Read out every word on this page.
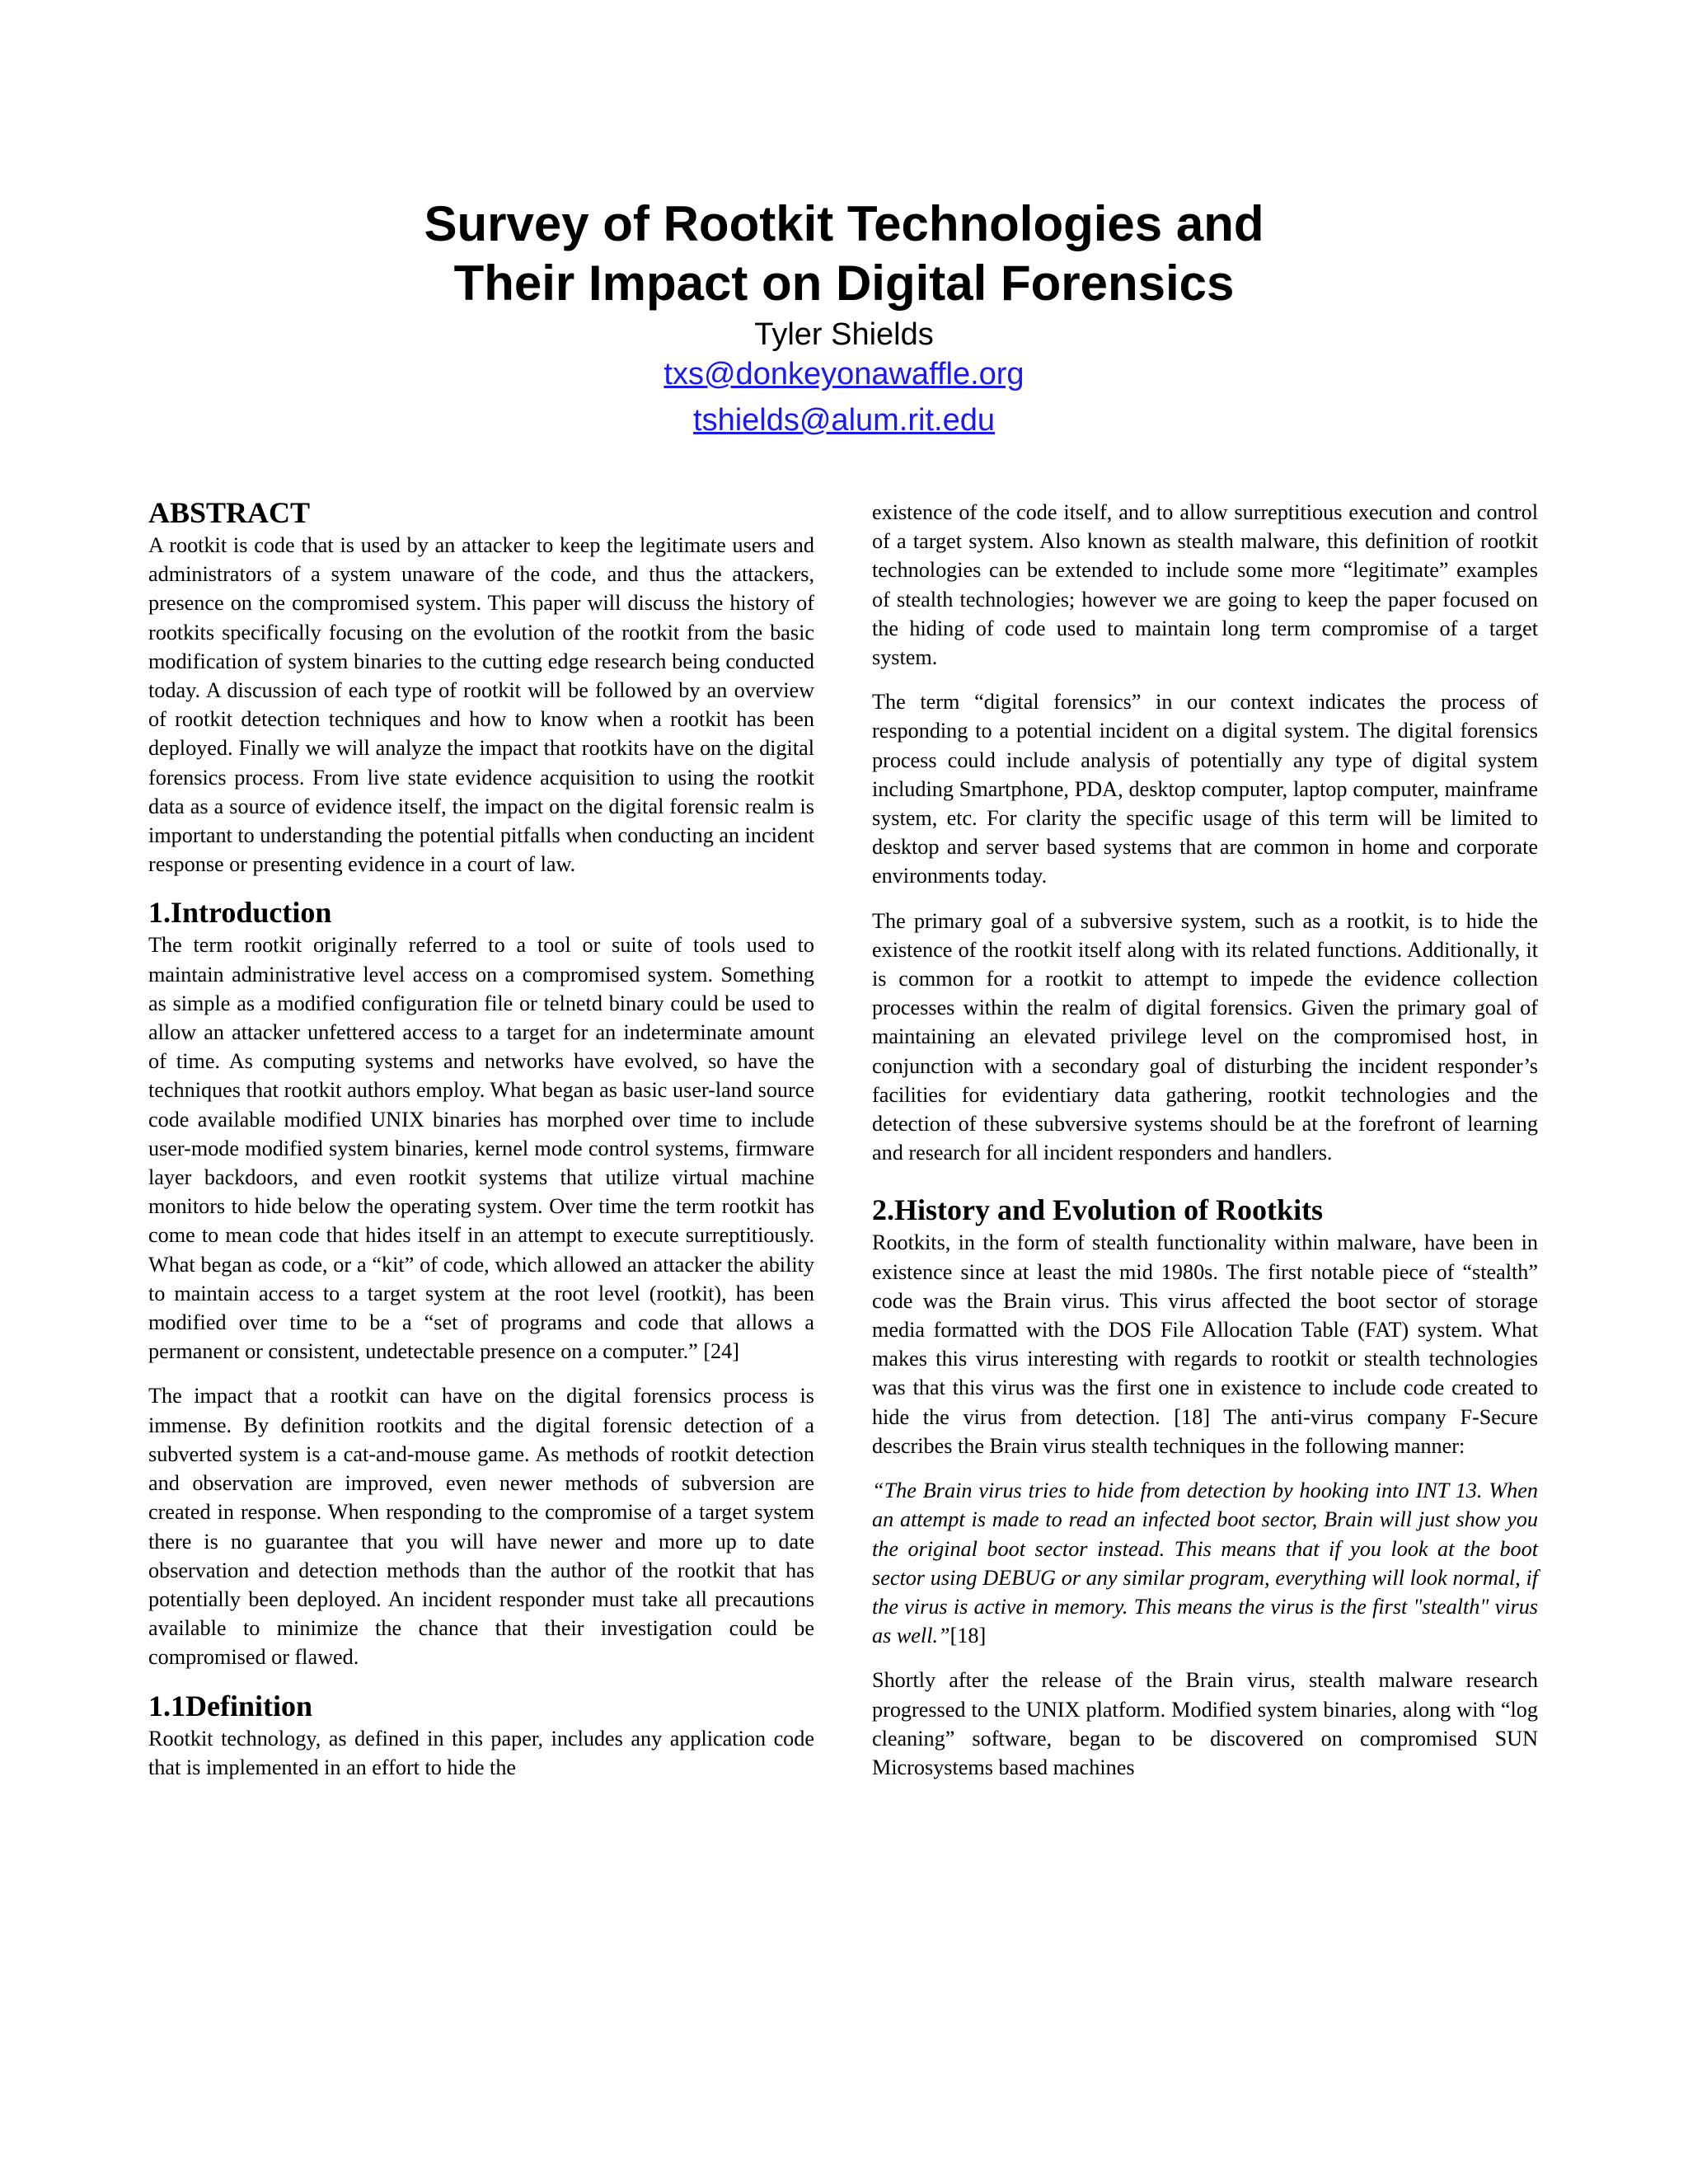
Survey of Rootkit Technologies and
Their Impact on Digital Forensics
Tyler Shields
txs@donkeyonawaffle.org
tshields@alum.rit.edu
ABSTRACT

A rootkit is code that is used by an attacker to keep the legitimate users and administrators of a system unaware of the code, and thus the attackers, presence on the compromised system. This paper will discuss the history of rootkits specifically focusing on the evolution of the rootkit from the basic modification of system binaries to the cutting edge research being conducted today. A discussion of each type of rootkit will be followed by an overview of rootkit detection techniques and how to know when a rootkit has been deployed. Finally we will analyze the impact that rootkits have on the digital forensics process. From live state evidence acquisition to using the rootkit data as a source of evidence itself, the impact on the digital forensic realm is important to understanding the potential pitfalls when conducting an incident response or presenting evidence in a court of law.

1.Introduction

The term rootkit originally referred to a tool or suite of tools used to maintain administrative level access on a compromised system. Something as simple as a modified configuration file or telnetd binary could be used to allow an attacker unfettered access to a target for an indeterminate amount of time. As computing systems and networks have evolved, so have the techniques that rootkit authors employ. What began as basic user-land source code available modified UNIX binaries has morphed over time to include user-mode modified system binaries, kernel mode control systems, firmware layer backdoors, and even rootkit systems that utilize virtual machine monitors to hide below the operating system. Over time the term rootkit has come to mean code that hides itself in an attempt to execute surreptitiously. What began as code, or a “kit” of code, which allowed an attacker the ability to maintain access to a target system at the root level (rootkit), has been modified over time to be a “set of programs and code that allows a permanent or consistent, undetectable presence on a computer.” [24]

The impact that a rootkit can have on the digital forensics process is immense. By definition rootkits and the digital forensic detection of a subverted system is a cat-and-mouse game. As methods of rootkit detection and observation are improved, even newer methods of subversion are created in response. When responding to the compromise of a target system there is no guarantee that you will have newer and more up to date observation and detection methods than the author of the rootkit that has potentially been deployed. An incident responder must take all precautions available to minimize the chance that their investigation could be compromised or flawed.

1.1Definition

Rootkit technology, as defined in this paper, includes any application code that is implemented in an effort to hide the

existence of the code itself, and to allow surreptitious execution and control of a target system. Also known as stealth malware, this definition of rootkit technologies can be extended to include some more “legitimate” examples of stealth technologies; however we are going to keep the paper focused on the hiding of code used to maintain long term compromise of a target system.

The term “digital forensics” in our context indicates the process of responding to a potential incident on a digital system. The digital forensics process could include analysis of potentially any type of digital system including Smartphone, PDA, desktop computer, laptop computer, mainframe system, etc. For clarity the specific usage of this term will be limited to desktop and server based systems that are common in home and corporate environments today.

The primary goal of a subversive system, such as a rootkit, is to hide the existence of the rootkit itself along with its related functions. Additionally, it is common for a rootkit to attempt to impede the evidence collection processes within the realm of digital forensics. Given the primary goal of maintaining an elevated privilege level on the compromised host, in conjunction with a secondary goal of disturbing the incident responder’s facilities for evidentiary data gathering, rootkit technologies and the detection of these subversive systems should be at the forefront of learning and research for all incident responders and handlers.

2.History and Evolution of Rootkits

Rootkits, in the form of stealth functionality within malware, have been in existence since at least the mid 1980s. The first notable piece of “stealth” code was the Brain virus. This virus affected the boot sector of storage media formatted with the DOS File Allocation Table (FAT) system. What makes this virus interesting with regards to rootkit or stealth technologies was that this virus was the first one in existence to include code created to hide the virus from detection. [18] The anti-virus company F-Secure describes the Brain virus stealth techniques in the following manner:

“The Brain virus tries to hide from detection by hooking into INT 13. When an attempt is made to read an infected boot sector, Brain will just show you the original boot sector instead. This means that if you look at the boot sector using DEBUG or any similar program, everything will look normal, if the virus is active in memory. This means the virus is the first "stealth" virus as well.”[18]

Shortly after the release of the Brain virus, stealth malware research progressed to the UNIX platform. Modified system binaries, along with “log cleaning” software, began to be discovered on compromised SUN Microsystems based machines
